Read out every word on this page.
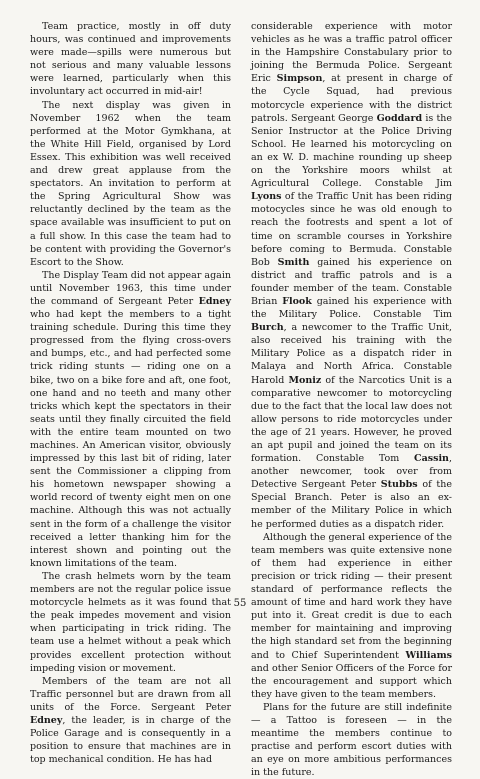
Team practice, mostly in off duty hours, was continued and improvements were made—spills were numerous but not serious and many valuable lessons were learned, particularly when this involuntary act occurred in mid-air!

The next display was given in November 1962 when the team performed at the Motor Gymkhana, at the White Hill Field, organised by Lord Essex. This exhibition was well received and drew great applause from the spectators. An invitation to perform at the Spring Agricultural Show was reluctantly declined by the team as the space available was insufficient to put on a full show. In this case the team had to be content with providing the Governor's Escort to the Show.

The Display Team did not appear again until November 1963, this time under the command of Sergeant Peter Edney who had kept the members to a tight training schedule. During this time they progressed from the flying cross-overs and bumps, etc., and had perfected some trick riding stunts — riding one on a bike, two on a bike fore and aft, one foot, one hand and no teeth and many other tricks which kept the spectators in their seats until they finally circuited the field with the entire team mounted on two machines. An American visitor, obviously impressed by this last bit of riding, later sent the Commissioner a clipping from his hometown newspaper showing a world record of twenty eight men on one machine. Although this was not actually sent in the form of a challenge the visitor received a letter thanking him for the interest shown and pointing out the known limitations of the team.

The crash helmets worn by the team members are not the regular police issue motorcycle helmets as it was found that the peak impedes movement and vision when participating in trick riding. The team use a helmet without a peak which provides excellent protection without impeding vision or movement.

Members of the team are not all Traffic personnel but are drawn from all units of the Force. Sergeant Peter Edney, the leader, is in charge of the Police Garage and is consequently in a position to ensure that machines are in top mechanical condition. He has had

considerable experience with motor vehicles as he was a traffic patrol officer in the Hampshire Constabulary prior to joining the Bermuda Police. Sergeant Eric Simpson, at present in charge of the Cycle Squad, had previous motorcycle experience with the district patrols. Sergeant George Goddard is the Senior Instructor at the Police Driving School. He learned his motorcycling on an ex W. D. machine rounding up sheep on the Yorkshire moors whilst at Agricultural College. Constable Jim Lyons of the Traffic Unit has been riding motocycles since he was old enough to reach the footrests and spent a lot of time on scramble courses in Yorkshire before coming to Bermuda. Constable Bob Smith gained his experience on district and traffic patrols and is a founder member of the team. Constable Brian Flook gained his experience with the Military Police. Constable Tim Burch, a newcomer to the Traffic Unit, also received his training with the Military Police as a dispatch rider in Malaya and North Africa. Constable Harold Moniz of the Narcotics Unit is a comparative newcomer to motorcycling due to the fact that the local law does not allow persons to ride motorcycles under the age of 21 years. However, he proved an apt pupil and joined the team on its formation. Constable Tom Cassin, another newcomer, took over from Detective Sergeant Peter Stubbs of the Special Branch. Peter is also an ex-member of the Military Police in which he performed duties as a dispatch rider.

Although the general experience of the team members was quite extensive none of them had experience in either precision or trick riding — their present standard of performance reflects the amount of time and hard work they have put into it. Great credit is due to each member for maintaining and improving the high standard set from the beginning and to Chief Superintendent Williams and other Senior Officers of the Force for the encouragement and support which they have given to the team members.

Plans for the future are still indefinite — a Tattoo is foreseen — in the meantime the members continue to practise and perform escort duties with an eye on more ambitious performances in the future.

55
